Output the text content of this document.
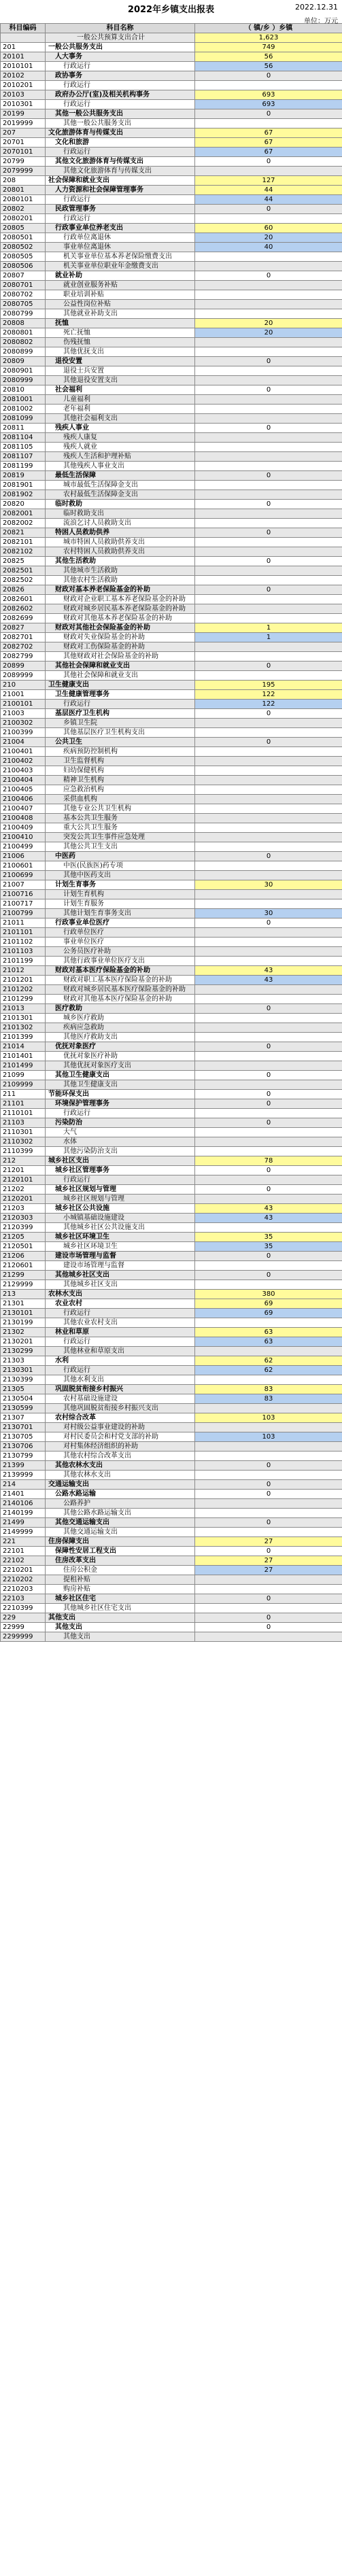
2022年乡镇支出报表	2022.12.31
单位：万元
科目编码	科目名称	（ 镇/乡 ）乡镇
	一般公共预算支出合计	1,623
201	一般公共服务支出	749
20101	人大事务	56
2010101	行政运行	56
20102	政协事务	0
2010201	行政运行	
20103	政府办公厅(室)及相关机构事务	693
2010301	行政运行	693
20199	其他一般公共服务支出	0
2019999	其他一般公共服务支出	
207	文化旅游体育与传媒支出	67
20701	文化和旅游	67
2070101	行政运行	67
20799	其他文化旅游体育与传媒支出	0
2079999	其他文化旅游体育与传媒支出	
208	社会保障和就业支出	127
20801	人力资源和社会保障管理事务	44
2080101	行政运行	44
20802	民政管理事务	0
2080201	行政运行	
20805	行政事业单位养老支出	60
2080501	行政单位离退休	20
2080502	事业单位离退休	40
2080505	机关事业单位基本养老保险缴费支出	
2080506	机关事业单位职业年金缴费支出	
20807	就业补助	0
2080701	就业创业服务补贴	
2080702	职业培训补贴	
2080705	公益性岗位补贴	
2080799	其他就业补助支出	
20808	抚恤	20
2080801	死亡抚恤	20
2080802	伤残抚恤	
2080899	其他优抚支出	
20809	退役安置	0
2080901	退役士兵安置	
2080999	其他退役安置支出	
20810	社会福利	0
2081001	儿童福利	
2081002	老年福利	
2081099	其他社会福利支出	
20811	残疾人事业	0
2081104	残疾人康复	
2081105	残疾人就业	
2081107	残疾人生活和护理补贴	
2081199	其他残疾人事业支出	
20819	最低生活保障	0
2081901	城市最低生活保障金支出	
2081902	农村最低生活保障金支出	
20820	临时救助	0
2082001	临时救助支出	
2082002	流浪乞讨人员救助支出	
20821	特困人员救助供养	0
2082101	城市特困人员救助供养支出	
2082102	农村特困人员救助供养支出	
20825	其他生活救助	0
2082501	其他城市生活救助	
2082502	其他农村生活救助	
20826	财政对基本养老保险基金的补助	0
2082601	财政对企业职工基本养老保险基金的补助	
2082602	财政对城乡居民基本养老保险基金的补助	
2082699	财政对其他基本养老保险基金的补助	
20827	财政对其他社会保险基金的补助	1
2082701	财政对失业保险基金的补助	1
2082702	财政对工伤保险基金的补助	
2082799	其他财政对社会保险基金的补助	
20899	其他社会保障和就业支出	0
2089999	其他社会保障和就业支出	
210	卫生健康支出	195
21001	卫生健康管理事务	122
2100101	行政运行	122
21003	基层医疗卫生机构	0
2100302	乡镇卫生院	
2100399	其他基层医疗卫生机构支出	
21004	公共卫生	0
2100401	疾病预防控制机构	
2100402	卫生监督机构	
2100403	妇幼保健机构	
2100404	精神卫生机构	
2100405	应急救治机构	
2100406	采供血机构	
2100407	其他专业公共卫生机构	
2100408	基本公共卫生服务	
2100409	重大公共卫生服务	
2100410	突发公共卫生事件应急处理	
2100499	其他公共卫生支出	
21006	中医药	0
2100601	中医(民族医)药专项	
2100699	其他中医药支出	
21007	计划生育事务	30
2100716	计划生育机构	
2100717	计划生育服务	
2100799	其他计划生育事务支出	30
21011	行政事业单位医疗	0
2101101	行政单位医疗	
2101102	事业单位医疗	
2101103	公务员医疗补助	
2101199	其他行政事业单位医疗支出	
21012	财政对基本医疗保险基金的补助	43
2101201	财政对职工基本医疗保险基金的补助	43
2101202	财政对城乡居民基本医疗保险基金的补助	
2101299	财政对其他基本医疗保险基金的补助	
21013	医疗救助	0
2101301	城乡医疗救助	
2101302	疾病应急救助	
2101399	其他医疗救助支出	
21014	优抚对象医疗	0
2101401	优抚对象医疗补助	
2101499	其他优抚对象医疗支出	
21099	其他卫生健康支出	0
2109999	其他卫生健康支出	
211	节能环保支出	0
21101	环境保护管理事务	0
2110101	行政运行	
21103	污染防治	0
2110301	大气	
2110302	水体	
2110399	其他污染防治支出	
212	城乡社区支出	78
21201	城乡社区管理事务	0
2120101	行政运行	
21202	城乡社区规划与管理	0
2120201	城乡社区规划与管理	
21203	城乡社区公共设施	43
2120303	小城镇基础设施建设	43
2120399	其他城乡社区公共设施支出	
21205	城乡社区环境卫生	35
2120501	城乡社区环境卫生	35
21206	建设市场管理与监督	0
2120601	建设市场管理与监督	
21299	其他城乡社区支出	0
2129999	其他城乡社区支出	
213	农林水支出	380
21301	农业农村	69
2130101	行政运行	69
2130199	其他农业农村支出	
21302	林业和草原	63
2130201	行政运行	63
2130299	其他林业和草原支出	
21303	水利	62
2130301	行政运行	62
2130399	其他水利支出	
21305	巩固脱贫衔接乡村振兴	83
2130504	农村基础设施建设	83
2130599	其他巩固脱贫衔接乡村振兴支出	
21307	农村综合改革	103
2130701	对村级公益事业建设的补助	
2130705	对村民委员会和村党支部的补助	103
2130706	对村集体经济组织的补助	
2130799	其他农村综合改革支出	
21399	其他农林水支出	0
2139999	其他农林水支出	
214	交通运输支出	0
21401	公路水路运输	0
2140106	公路养护	
2140199	其他公路水路运输支出	
21499	其他交通运输支出	0
2149999	其他交通运输支出	
221	住房保障支出	27
22101	保障性安居工程支出	0
22102	住房改革支出	27
2210201	住房公积金	27
2210202	提租补贴	
2210203	购房补贴	
22103	城乡社区住宅	0
2210399	其他城乡社区住宅支出	
229	其他支出	0
22999	其他支出	0
2299999	其他支出	
